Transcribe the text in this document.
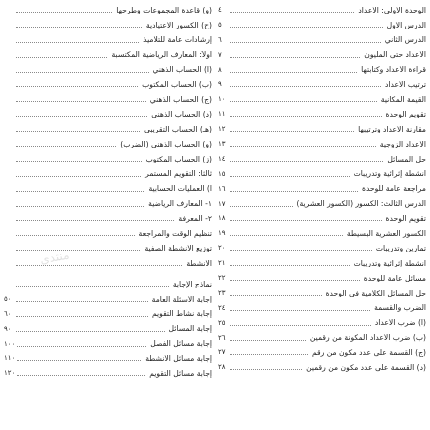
(و) قاعدة المجموعات وطرحها
(ح) الكسور الاعتيادية
إرشادات عامة للتلاميذ
أولاً: المعارف الرياضية المكتسبة
(أ) الحساب الذهني
(ب) الحساب المكتوب
(ج) الحساب الذهني
(د) الحساب الذهني
(هـ) الحساب التقريبي
(و) الحساب الذهني (الضرب)
(ز) الحساب المكتوب
ثالثاً: التقويم المستمر
أ) العمليات الحسابية
١- المعارف الرياضية
٢- المعرفة
تنظيم الوقت والمراجعة
توزيع الأنشطة الصفية
الأنشطة
نماذج الإجابة
إجابة الأسئلة العامة
٥٠
إجابة نشاط التقويم
٦٠
إجابة المسائل
٩٠
إجابة مسائل الفصل
١٠٠
إجابة مسائل الأنشطة
١١٠
إجابة مسائل التقويم
١٢٠
الوحدة الأولى: الأعداد
٤
الدرس الأول
٥
الدرس الثاني
٦
الأعداد حتى المليون
٧
قراءة الأعداد وكتابتها
٨
ترتيب الأعداد
٩
القيمة المكانية
١٠
تقويم الوحدة
١١
مقارنة الأعداد وترتيبها
١٢
الأعداد الزوجية
١٣
حل المسائل
١٤
أنشطة إثرائية وتدريبات
١٥
مراجعة عامة للوحدة
١٦
الدرس الثالث: الكسور (الكسور العشرية)
١٧
تقويم الوحدة
١٨
الكسور العشرية البسيطة
١٩
تمارين وتدريبات
٢٠
أنشطة إثرائية وتدريبات
٢١
مسائل عامة للوحدة
٢٢
حل المسائل الكلامية في الوحدة
٢٣
الضرب والقسمة
٢٤
(أ) ضرب الأعداد
٢٥
(ب) ضرب الأعداد المكونة من رقمين
٢٦
(ج) القسمة على عدد مكون من رقم
٢٧
(د) القسمة على عدد مكون من رقمين
٢٨
منتدى
